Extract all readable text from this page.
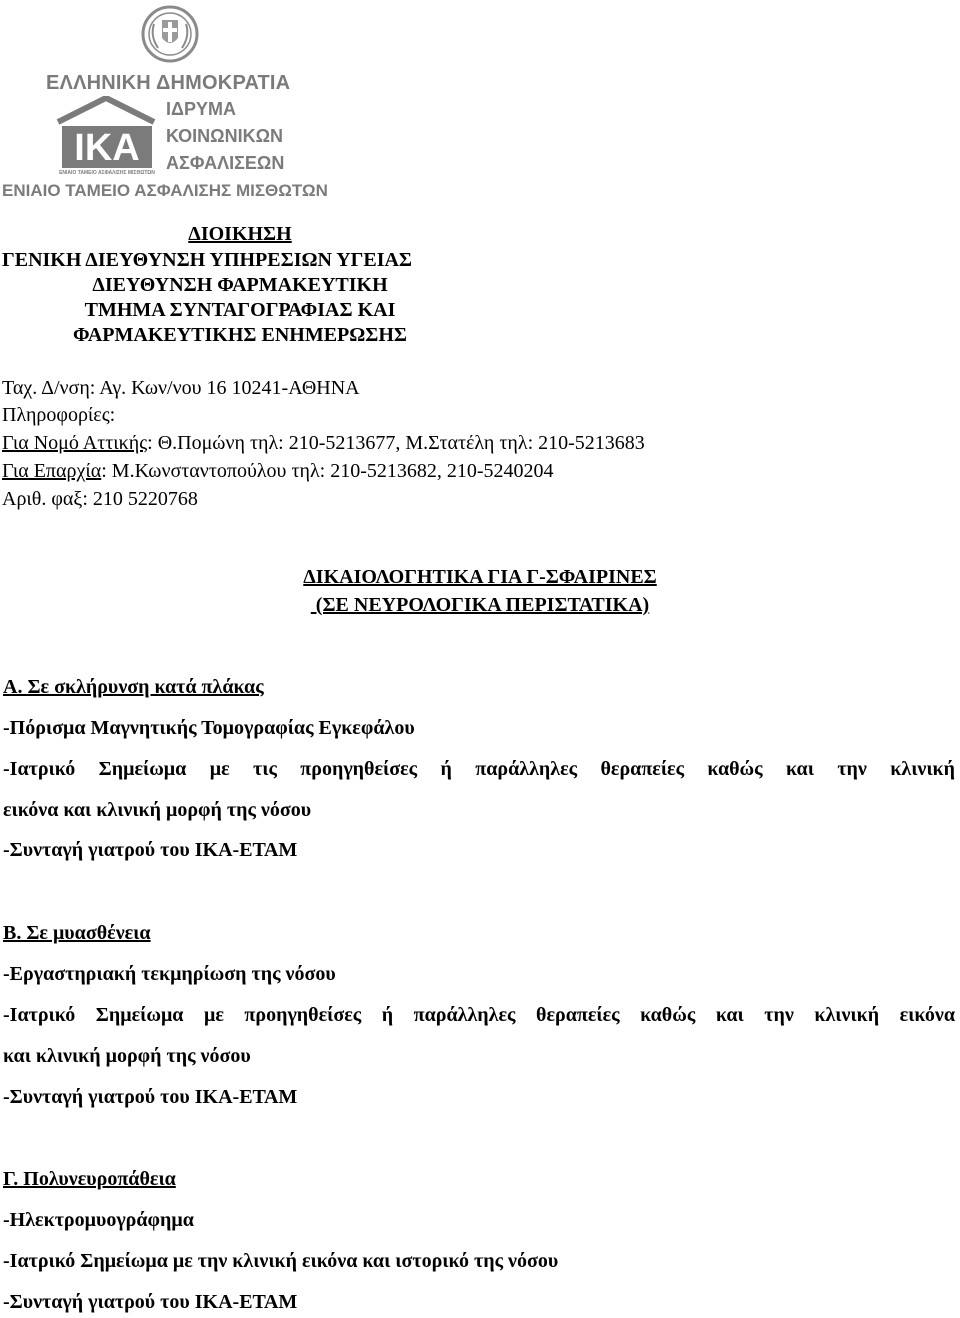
ΕΛΛΗΝΙΚΗ ΔΗΜΟΚΡΑΤΙΑ
ΙΚΑ
ΕΝΙΑΙΟ ΤΑΜΕΙΟ ΑΣΦΑΛΙΣΗΣ ΜΙΣΘΩΤΩΝ
ΙΔΡΥΜΑ
ΚΟΙΝΩΝΙΚΩΝ
ΑΣΦΑΛΙΣΕΩΝ
ΕΝΙΑΙΟ ΤΑΜΕΙΟ ΑΣΦΑΛΙΣΗΣ ΜΙΣΘΩΤΩΝ
ΔΙΟΙΚΗΣΗ
ΓΕΝΙΚΗ ΔΙΕΥΘΥΝΣΗ ΥΠΗΡΕΣΙΩΝ ΥΓΕΙΑΣ
ΔΙΕΥΘΥΝΣΗ ΦΑΡΜΑΚΕΥΤΙΚΗ
ΤΜΗΜΑ ΣΥΝΤΑΓΟΓΡΑΦΙΑΣ ΚΑΙ
ΦΑΡΜΑΚΕΥΤΙΚΗΣ ΕΝΗΜΕΡΩΣΗΣ
Ταχ. Δ/νση: Αγ. Κων/νου 16 10241-ΑΘΗΝΑ
Πληροφορίες:
Για Νομό Αττικής: Θ.Πομώνη τηλ: 210-5213677, Μ.Στατέλη τηλ: 210-5213683
Για Επαρχία: Μ.Κωνσταντοπούλου τηλ: 210-5213682, 210-5240204
Αριθ. φαξ: 210 5220768
ΔΙΚΑΙΟΛΟΓΗΤΙΚΑ ΓΙΑ Γ-ΣΦΑΙΡΙΝΕΣ
(ΣΕ ΝΕΥΡΟΛΟΓΙΚΑ ΠΕΡΙΣΤΑΤΙΚΑ)
Α. Σε σκλήρυνση κατά πλάκας
-Πόρισμα Μαγνητικής Τομογραφίας Εγκεφάλου
-Ιατρικό Σημείωμα με τις προηγηθείσες ή παράλληλες θεραπείες καθώς και την κλινική
εικόνα και κλινική μορφή της νόσου
-Συνταγή γιατρού του ΙΚΑ-ΕΤΑΜ
Β. Σε μυασθένεια
-Εργαστηριακή τεκμηρίωση της νόσου
-Ιατρικό Σημείωμα με προηγηθείσες ή παράλληλες θεραπείες καθώς και την κλινική εικόνα
και κλινική μορφή της νόσου
-Συνταγή γιατρού του ΙΚΑ-ΕΤΑΜ
Γ. Πολυνευροπάθεια
-Ηλεκτρομυογράφημα
-Ιατρικό Σημείωμα με την κλινική εικόνα και ιστορικό της νόσου
-Συνταγή γιατρού του ΙΚΑ-ΕΤΑΜ
